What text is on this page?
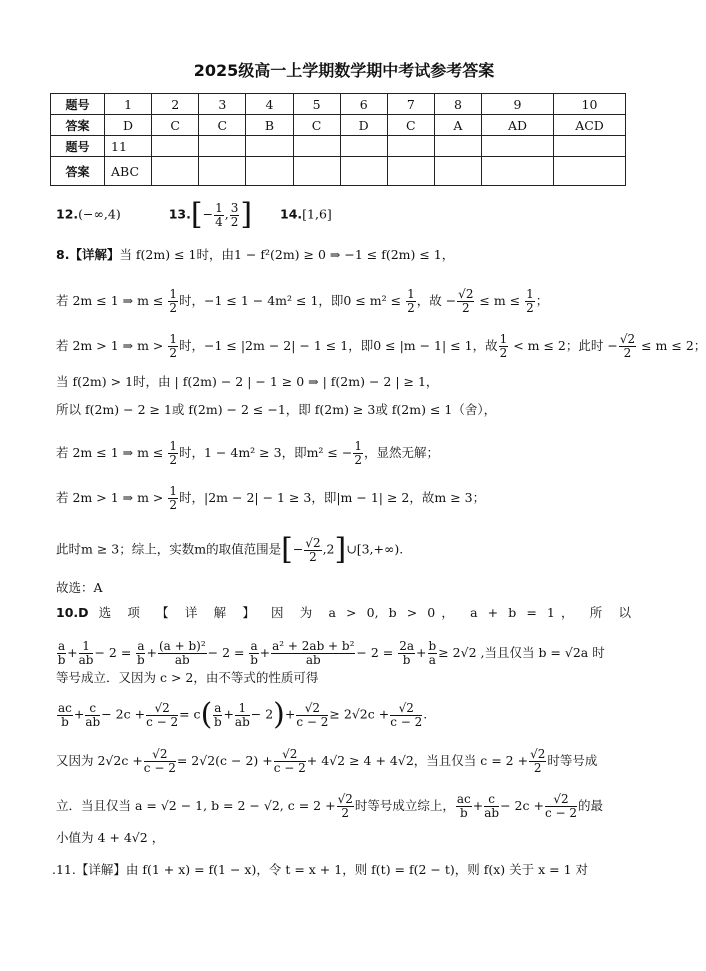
2025级高一上学期数学期中考试参考答案
题号	1	2	3	4	5	6	7	8	9	10
答案	D	C	C	B	C	D	C	A	AD	ACD
题号	11									
答案	ABC									
12.(−∞,4)	$13.[- \frac{1}{4}$ , $\frac{3}{2}$ ] 14.[1,6]
8.【详解】当 f(2m) ≤ 1时，由1 − f²(2m) ≥ 0 ⇒ −1 ≤ f(2m) ≤ 1，
若 2m ≤ 1 ⇒ $m \le \frac{1}{2}$ 时，−1 ≤ 1 − 4m² ≤ 1，即$0 \le m^2 \le \frac{1}{2}$ ，故 − $\frac{√2}{2} \le m \le \frac{1}{2}$ ；
若 2m > 1 ⇒ $m > \frac{1}{2}$ 时，−1 ≤ |2m − 2| − 1 ≤ 1，即0 ≤ |m − 1| ≤ 1，故 $\frac{1}{2} < m \le 2$；此时 − $\frac{√2}{2} \le m \le 2$；
当 f(2m) > 1时，由 | f(2m) − 2 | − 1 ≥ 0 ⇒ | f(2m) − 2 | ≥ 1，
所以 f(2m) − 2 ≥ 1或 f(2m) − 2 ≤ −1，即 f(2m) ≥ 3或 f(2m) ≤ 1（舍），
若 2m ≤ 1 ⇒ $m \le \frac{1}{2}$ 时，1 − 4m² ≥ 3，即m² ≤ − $\frac{1}{2}$ ，显然无解；
若 2m > 1 ⇒ $m > \frac{1}{2}$ 时，|2m − 2| − 1 ≥ 3，即|m − 1| ≥ 2，故m ≥ 3；
此时m ≥ 3；综上，实数m的取值范围是[− $\frac{√2}{2}$ ,2]∪[3,+∞).
故选：A
10.D 选 项 【 详 解 】 因 为 a > 0, b > 0， a + b = 1， 所 以
$\frac{a}{b} + \frac{1}{ab} - 2 = \frac{a}{b} + \frac{\text{(a + b)²}}{ab} - 2 = \frac{a}{b} + \frac{\text{a² + 2ab + b²}}{ab} - 2 = \frac{2a}{b} + \frac{b}{a} \ge 2√2$ ,当且仅当 b = √2a 时
等号成立．又因为 c > 2，由不等式的性质可得
$\frac{ac}{b} + \frac{c}{ab} - 2c + \frac{√2}{c - 2} = c( \frac{a}{b} + \frac{1}{ab} - 2)+ \frac{√2}{c - 2} \ge 2√2c + \frac{√2}{c - 2}$ .
又因为 $2√2c + \frac{√2}{c - 2} = 2√2(c - 2) + \frac{√2}{c - 2} + 4√2 \ge 4 + 4√2$，当且仅当 $c = 2 + \frac{√2}{2}$ 时等号成
立．当且仅当 a = √2 − 1, b = 2 − √2, $c = 2 + \frac{√2}{2}$ 时等号成立综上， $\frac{ac}{b} + \frac{c}{ab} - 2c + \frac{√2}{c - 2}$ 的最
小值为 4 + 4√2 ，
.11.【详解】由 f(1 + x) = f(1 − x)，令 t = x + 1，则 f(t) = f(2 − t)，则 f(x) 关于 x = 1 对
